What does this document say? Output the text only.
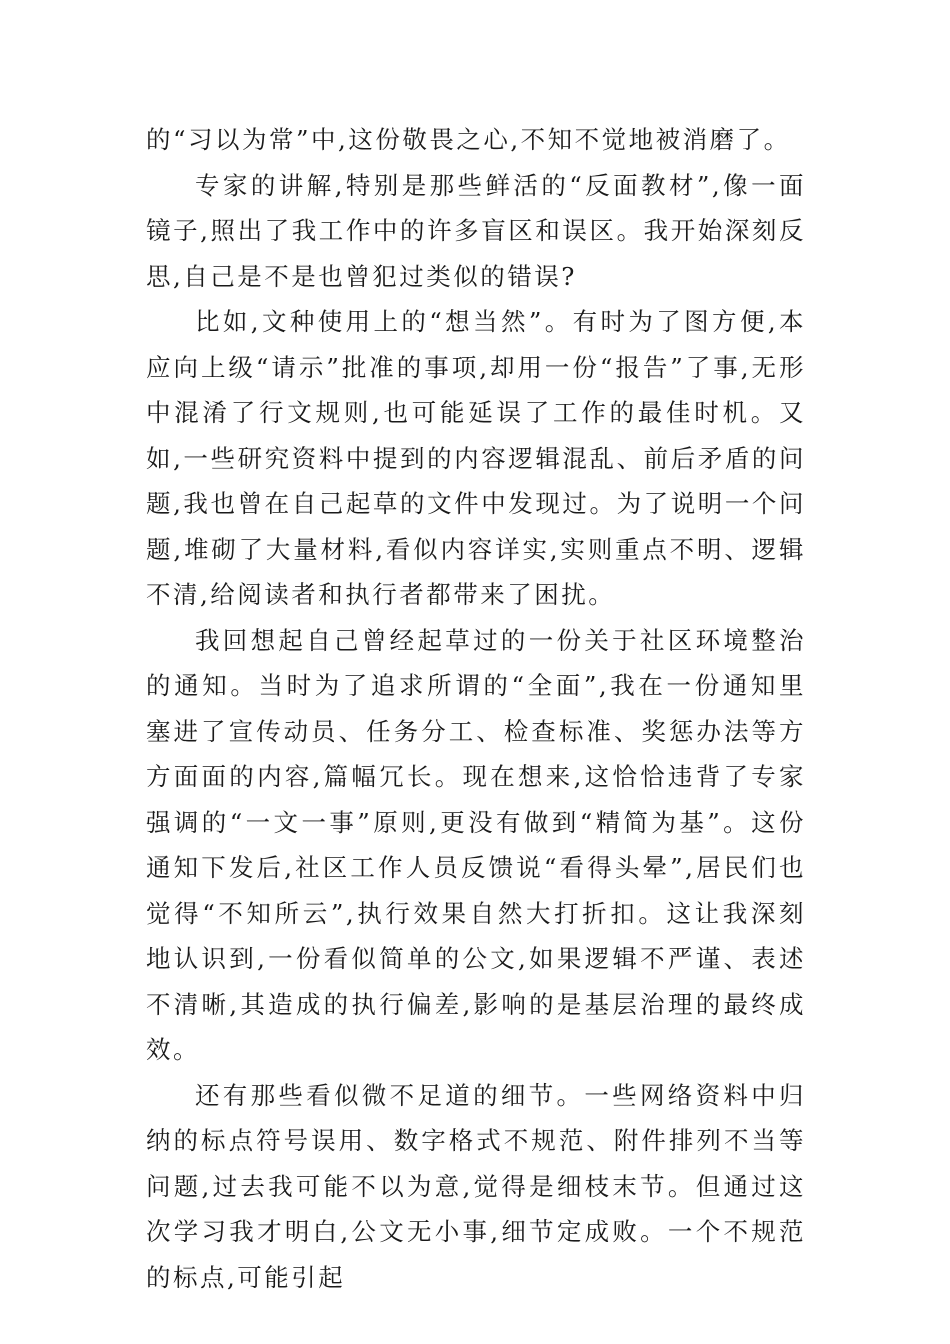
的“习以为常”中,这份敬畏之心,不知不觉地被消磨了。

专家的讲解,特别是那些鲜活的“反面教材”,像一面镜子,照出了我工作中的许多盲区和误区。我开始深刻反思,自己是不是也曾犯过类似的错误?

比如,文种使用上的“想当然”。有时为了图方便,本应向上级“请示”批准的事项,却用一份“报告”了事,无形中混淆了行文规则,也可能延误了工作的最佳时机。又如,一些研究资料中提到的内容逻辑混乱、前后矛盾的问题,我也曾在自己起草的文件中发现过。为了说明一个问题,堆砌了大量材料,看似内容详实,实则重点不明、逻辑不清,给阅读者和执行者都带来了困扰。

我回想起自己曾经起草过的一份关于社区环境整治的通知。当时为了追求所谓的“全面”,我在一份通知里塞进了宣传动员、任务分工、检查标准、奖惩办法等方方面面的内容,篇幅冗长。现在想来,这恰恰违背了专家强调的“一文一事”原则,更没有做到“精简为基”。这份通知下发后,社区工作人员反馈说“看得头晕”,居民们也觉得“不知所云”,执行效果自然大打折扣。这让我深刻地认识到,一份看似简单的公文,如果逻辑不严谨、表述不清晰,其造成的执行偏差,影响的是基层治理的最终成效。

还有那些看似微不足道的细节。一些网络资料中归纳的标点符号误用、数字格式不规范、附件排列不当等问题,过去我可能不以为意,觉得是细枝末节。但通过这次学习我才明白,公文无小事,细节定成败。一个不规范的标点,可能引起
